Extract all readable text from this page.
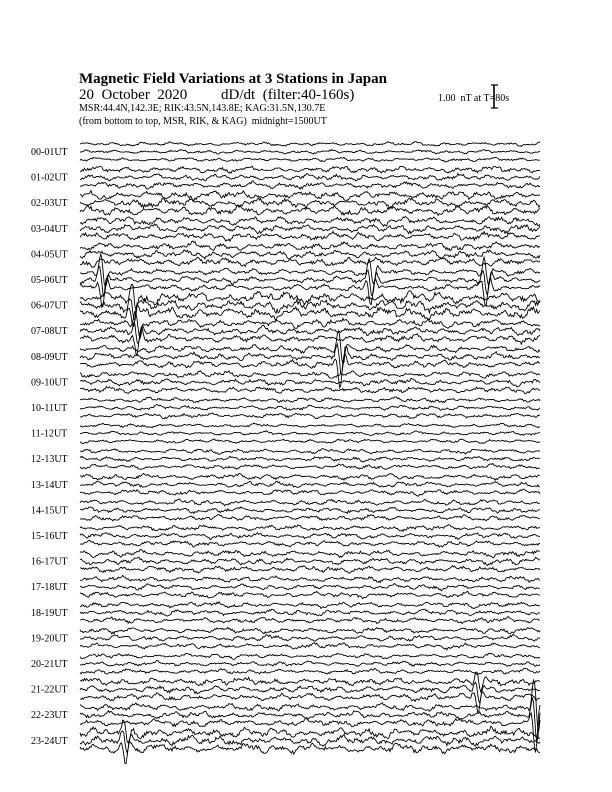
00-01UT
01-02UT
02-03UT
03-04UT
04-05UT
05-06UT
06-07UT
07-08UT
08-09UT
09-10UT
10-11UT
11-12UT
12-13UT
13-14UT
14-15UT
15-16UT
16-17UT
17-18UT
18-19UT
19-20UT
20-21UT
21-22UT
22-23UT
23-24UT
Magnetic Field Variations at 3 Stations in Japan
20  October  2020         dD/dt  (filter:40-160s)
MSR:44.4N,142.3E; RIK:43.5N,143.8E; KAG:31.5N,130.7E
(from bottom to top, MSR, RIK, & KAG)  midnight=1500UT
1.00  nT at T=80s
